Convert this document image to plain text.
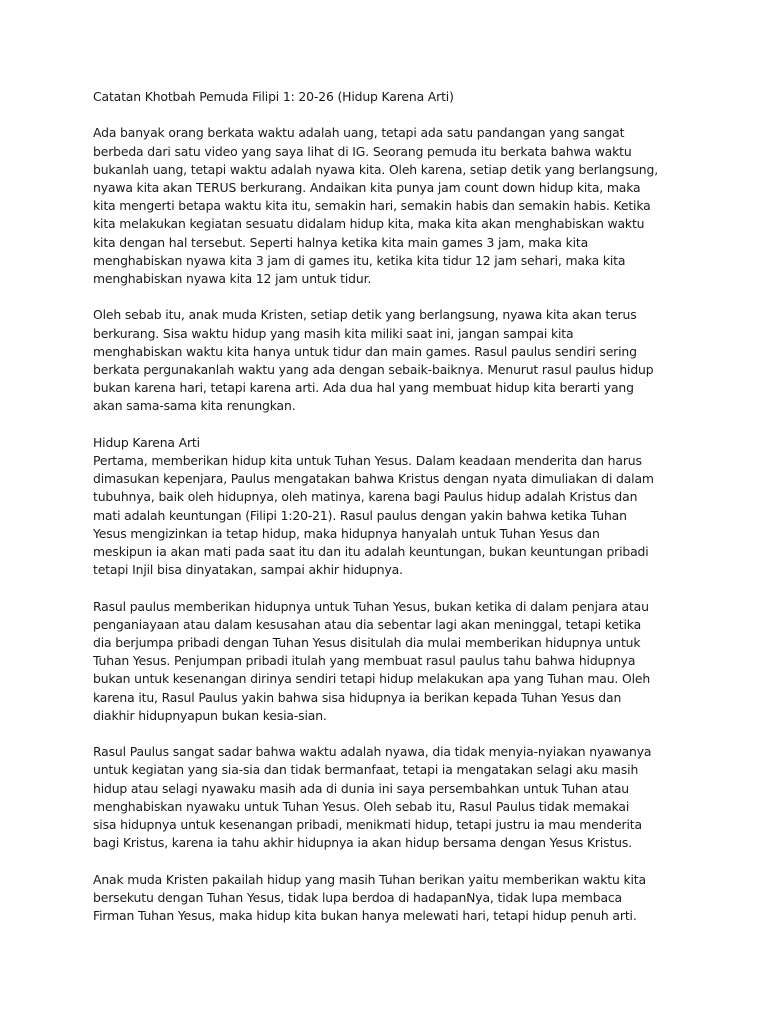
Catatan Khotbah Pemuda Filipi 1: 20-26 (Hidup Karena Arti)
Ada banyak orang berkata waktu adalah uang, tetapi ada satu pandangan yang sangat
berbeda dari satu video yang saya lihat di IG. Seorang pemuda itu berkata bahwa waktu
bukanlah uang, tetapi waktu adalah nyawa kita. Oleh karena, setiap detik yang berlangsung,
nyawa kita akan TERUS berkurang. Andaikan kita punya jam count down hidup kita, maka
kita mengerti betapa waktu kita itu, semakin hari, semakin habis dan semakin habis. Ketika
kita melakukan kegiatan sesuatu didalam hidup kita, maka kita akan menghabiskan waktu
kita dengan hal tersebut. Seperti halnya ketika kita main games 3 jam, maka kita
menghabiskan nyawa kita 3 jam di games itu, ketika kita tidur 12 jam sehari, maka kita
menghabiskan nyawa kita 12 jam untuk tidur.
Oleh sebab itu, anak muda Kristen, setiap detik yang berlangsung, nyawa kita akan terus
berkurang. Sisa waktu hidup yang masih kita miliki saat ini, jangan sampai kita
menghabiskan waktu kita hanya untuk tidur dan main games. Rasul paulus sendiri sering
berkata pergunakanlah waktu yang ada dengan sebaik-baiknya. Menurut rasul paulus hidup
bukan karena hari, tetapi karena arti. Ada dua hal yang membuat hidup kita berarti yang
akan sama-sama kita renungkan.
Hidup Karena Arti
Pertama, memberikan hidup kita untuk Tuhan Yesus. Dalam keadaan menderita dan harus
dimasukan kepenjara, Paulus mengatakan bahwa Kristus dengan nyata dimuliakan di dalam
tubuhnya, baik oleh hidupnya, oleh matinya, karena bagi Paulus hidup adalah Kristus dan
mati adalah keuntungan (Filipi 1:20-21). Rasul paulus dengan yakin bahwa ketika Tuhan
Yesus mengizinkan ia tetap hidup, maka hidupnya hanyalah untuk Tuhan Yesus dan
meskipun ia akan mati pada saat itu dan itu adalah keuntungan, bukan keuntungan pribadi
tetapi Injil bisa dinyatakan, sampai akhir hidupnya.
Rasul paulus memberikan hidupnya untuk Tuhan Yesus, bukan ketika di dalam penjara atau
penganiayaan atau dalam kesusahan atau dia sebentar lagi akan meninggal, tetapi ketika
dia berjumpa pribadi dengan Tuhan Yesus disitulah dia mulai memberikan hidupnya untuk
Tuhan Yesus. Penjumpan pribadi itulah yang membuat rasul paulus tahu bahwa hidupnya
bukan untuk kesenangan dirinya sendiri tetapi hidup melakukan apa yang Tuhan mau. Oleh
karena itu, Rasul Paulus yakin bahwa sisa hidupnya ia berikan kepada Tuhan Yesus dan
diakhir hidupnyapun bukan kesia-sian.
Rasul Paulus sangat sadar bahwa waktu adalah nyawa, dia tidak menyia-nyiakan nyawanya
untuk kegiatan yang sia-sia dan tidak bermanfaat, tetapi ia mengatakan selagi aku masih
hidup atau selagi nyawaku masih ada di dunia ini saya persembahkan untuk Tuhan atau
menghabiskan nyawaku untuk Tuhan Yesus. Oleh sebab itu, Rasul Paulus tidak memakai
sisa hidupnya untuk kesenangan pribadi, menikmati hidup, tetapi justru ia mau menderita
bagi Kristus, karena ia tahu akhir hidupnya ia akan hidup bersama dengan Yesus Kristus.
Anak muda Kristen pakailah hidup yang masih Tuhan berikan yaitu memberikan waktu kita
bersekutu dengan Tuhan Yesus, tidak lupa berdoa di hadapanNya, tidak lupa membaca
Firman Tuhan Yesus, maka hidup kita bukan hanya melewati hari, tetapi hidup penuh arti.
